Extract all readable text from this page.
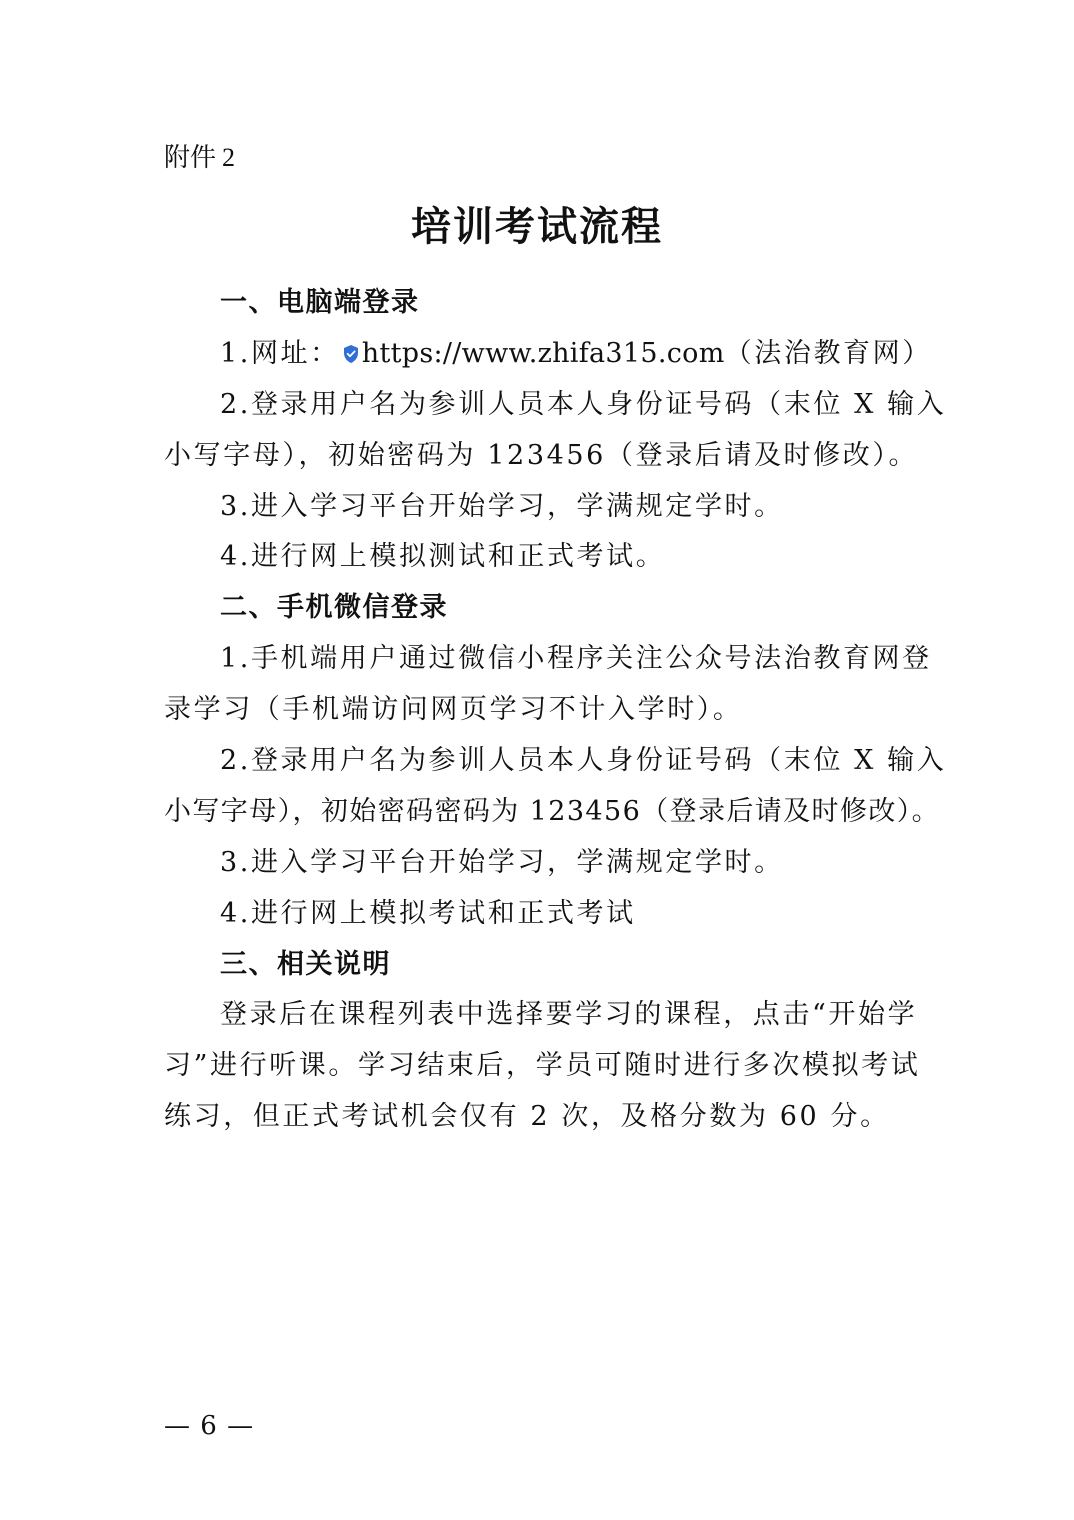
附件 2
培训考试流程
一、电脑端登录
1.网址： https://www.zhifa315.com（法治教育网）
2.登录用户名为参训人员本人身份证号码（末位 X 输入
小写字母），初始密码为 123456（登录后请及时修改）。
3.进入学习平台开始学习，学满规定学时。
4.进行网上模拟测试和正式考试。
二、手机微信登录
1.手机端用户通过微信小程序关注公众号法治教育网登
录学习（手机端访问网页学习不计入学时）。
2.登录用户名为参训人员本人身份证号码（末位 X 输入
小写字母），初始密码密码为 123456（登录后请及时修改）。
3.进入学习平台开始学习，学满规定学时。
4.进行网上模拟考试和正式考试
三、相关说明
登录后在课程列表中选择要学习的课程，点击“开始学
习”进行听课。学习结束后，学员可随时进行多次模拟考试
练习，但正式考试机会仅有 2 次，及格分数为 60 分。
— 6 —
